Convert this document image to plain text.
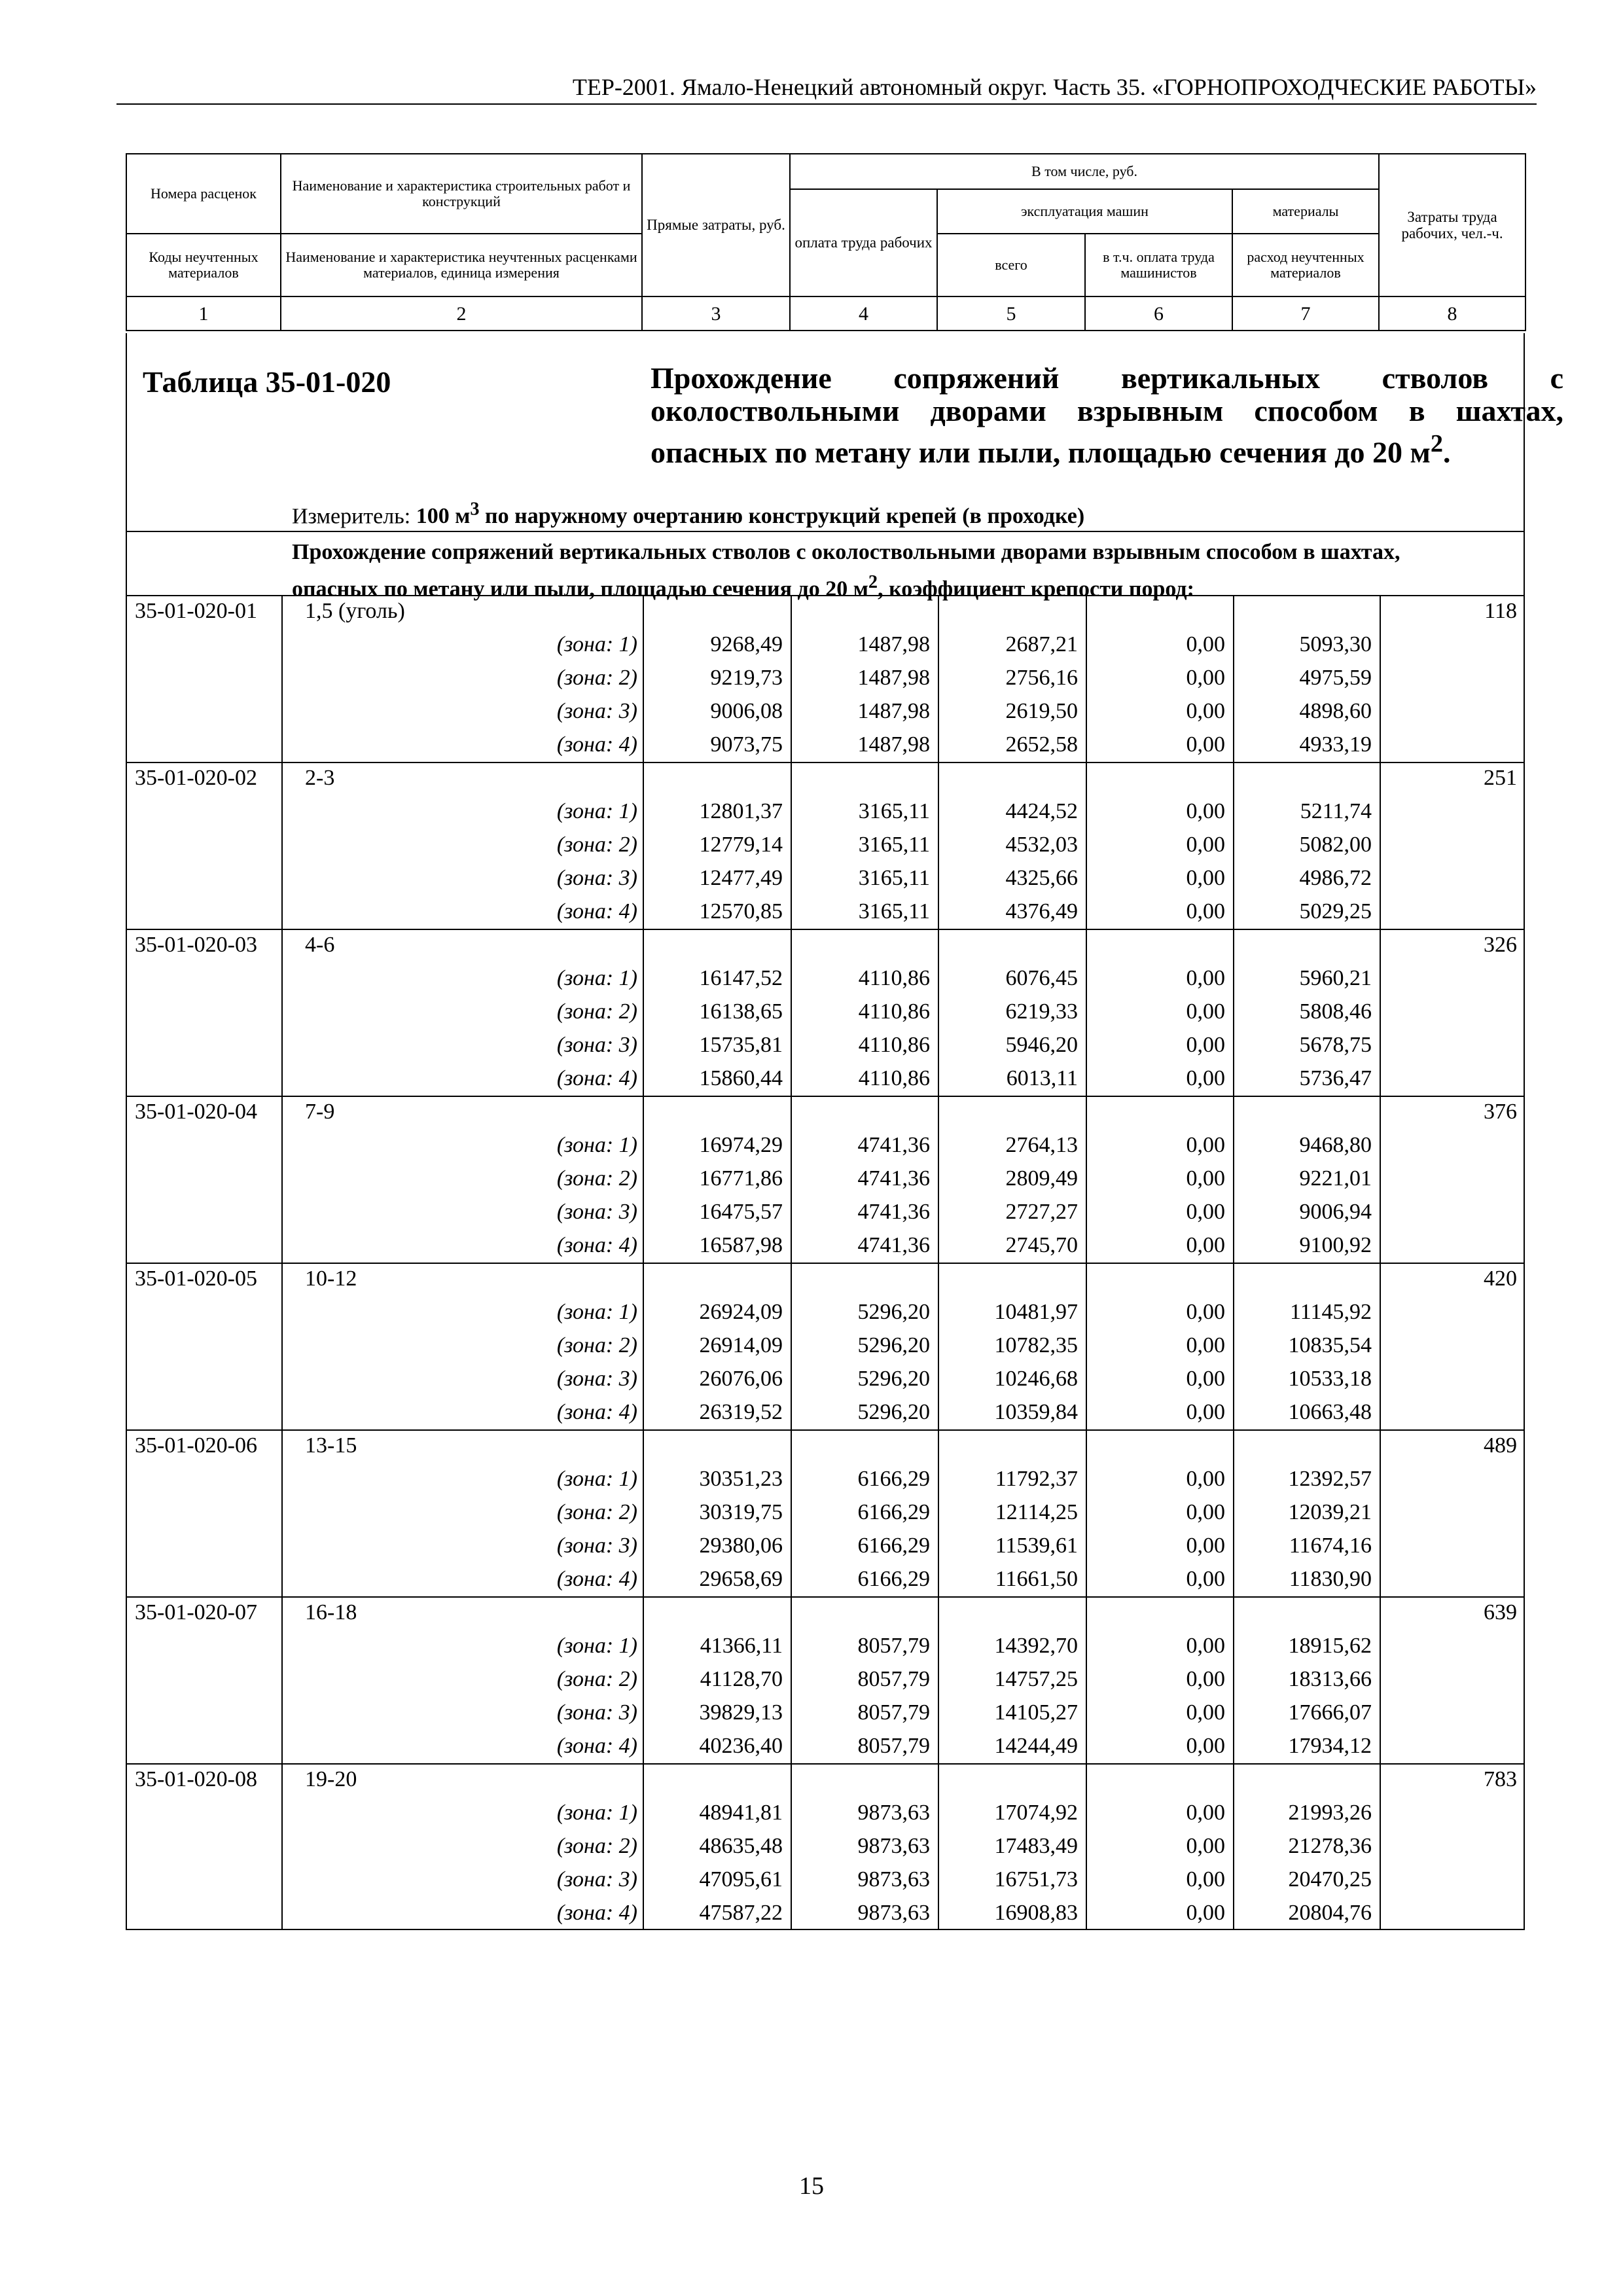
ТЕР-2001. Ямало-Ненецкий автономный округ. Часть 35. «ГОРНОПРОХОДЧЕСКИЕ РАБОТЫ»
Номера расценок	Наименование и характеристика строительных работ и конструкций	Прямые затраты, руб.	В том числе, руб.				Затраты труда рабочих, чел.-ч.
			оплата труда рабочих	эксплуатация машин		материалы	
Коды неучтенных материалов	Наименование и характеристика неучтенных расценками материалов, единица измерения			всего	в т.ч. оплата труда машинистов	расход неучтенных материалов	
1	2	3	4	5	6	7	8
Таблица 35-01-020	Прохождение сопряжений вертикальных стволов с околоствольными дворами взрывным способом в шахтах, опасных по метану или пыли, площадью сечения до 20 $м^2$.
Измеритель: 100 $м^3$ по наружному очертанию конструкций крепей (в проходке)
Прохождение сопряжений вертикальных стволов с околоствольными дворами взрывным способом в шахтах, опасных по метану или пыли, площадью сечения до 20 $м^2$, коэффициент крепости пород:
35-01-020-01 1,5 (уголь)	118
(зона: 1)	9268,49	1487,98	2687,21	0,00	5093,30
(зона: 2)	9219,73	1487,98	2756,16	0,00	4975,59
(зона: 3)	9006,08	1487,98	2619,50	0,00	4898,60
(зона: 4)	9073,75	1487,98	2652,58	0,00	4933,19
35-01-020-02 2-3	251
(зона: 1)	12801,37	3165,11	4424,52	0,00	5211,74
(зона: 2)	12779,14	3165,11	4532,03	0,00	5082,00
(зона: 3)	12477,49	3165,11	4325,66	0,00	4986,72
(зона: 4)	12570,85	3165,11	4376,49	0,00	5029,25
35-01-020-03 4-6	326
(зона: 1)	16147,52	4110,86	6076,45	0,00	5960,21
(зона: 2)	16138,65	4110,86	6219,33	0,00	5808,46
(зона: 3)	15735,81	4110,86	5946,20	0,00	5678,75
(зона: 4)	15860,44	4110,86	6013,11	0,00	5736,47
35-01-020-04 7-9	376
(зона: 1)	16974,29	4741,36	2764,13	0,00	9468,80
(зона: 2)	16771,86	4741,36	2809,49	0,00	9221,01
(зона: 3)	16475,57	4741,36	2727,27	0,00	9006,94
(зона: 4)	16587,98	4741,36	2745,70	0,00	9100,92
35-01-020-05 10-12	420
(зона: 1)	26924,09	5296,20	10481,97	0,00	11145,92
(зона: 2)	26914,09	5296,20	10782,35	0,00	10835,54
(зона: 3)	26076,06	5296,20	10246,68	0,00	10533,18
(зона: 4)	26319,52	5296,20	10359,84	0,00	10663,48
35-01-020-06 13-15	489
(зона: 1)	30351,23	6166,29	11792,37	0,00	12392,57
(зона: 2)	30319,75	6166,29	12114,25	0,00	12039,21
(зона: 3)	29380,06	6166,29	11539,61	0,00	11674,16
(зона: 4)	29658,69	6166,29	11661,50	0,00	11830,90
35-01-020-07 16-18	639
(зона: 1)	41366,11	8057,79	14392,70	0,00	18915,62
(зона: 2)	41128,70	8057,79	14757,25	0,00	18313,66
(зона: 3)	39829,13	8057,79	14105,27	0,00	17666,07
(зона: 4)	40236,40	8057,79	14244,49	0,00	17934,12
35-01-020-08 19-20	783
(зона: 1)	48941,81	9873,63	17074,92	0,00	21993,26
(зона: 2)	48635,48	9873,63	17483,49	0,00	21278,36
(зона: 3)	47095,61	9873,63	16751,73	0,00	20470,25
(зона: 4)	47587,22	9873,63	16908,83	0,00	20804,76
15
